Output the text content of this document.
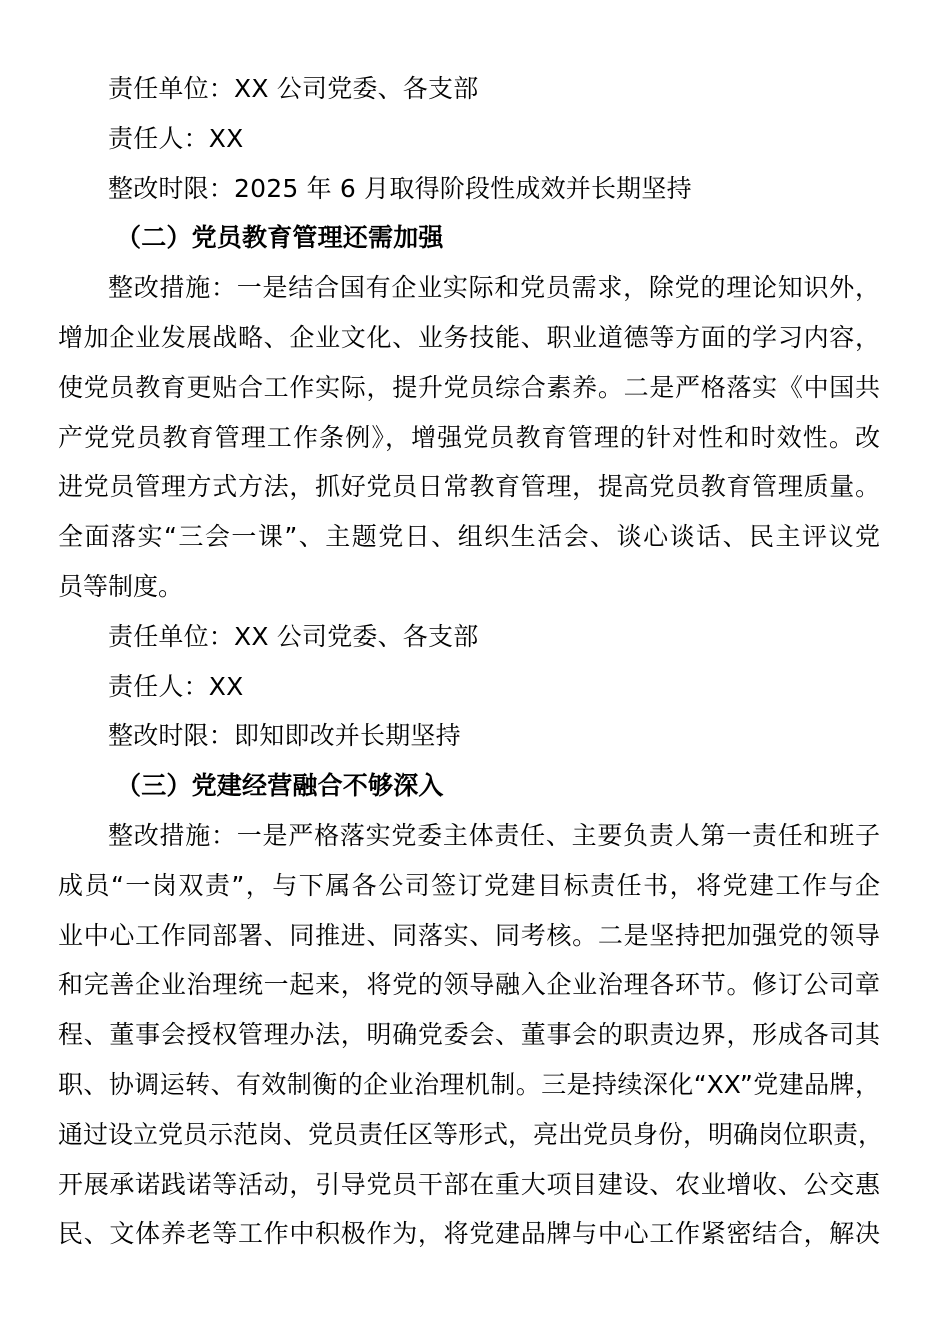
责任单位：XX 公司党委、各支部
责任人：XX
整改时限：2025 年 6 月取得阶段性成效并长期坚持
（二）党员教育管理还需加强
整改措施：一是结合国有企业实际和党员需求，除党的理论知识外，
增加企业发展战略、企业文化、业务技能、职业道德等方面的学习内容，
使党员教育更贴合工作实际，提升党员综合素养。二是严格落实《中国共
产党党员教育管理工作条例》，增强党员教育管理的针对性和时效性。改
进党员管理方式方法，抓好党员日常教育管理，提高党员教育管理质量。
全面落实“三会一课”、主题党日、组织生活会、谈心谈话、民主评议党
员等制度。
责任单位：XX 公司党委、各支部
责任人：XX
整改时限：即知即改并长期坚持
（三）党建经营融合不够深入
整改措施：一是严格落实党委主体责任、主要负责人第一责任和班子
成员“一岗双责”，与下属各公司签订党建目标责任书，将党建工作与企
业中心工作同部署、同推进、同落实、同考核。二是坚持把加强党的领导
和完善企业治理统一起来，将党的领导融入企业治理各环节。修订公司章
程、董事会授权管理办法，明确党委会、董事会的职责边界，形成各司其
职、协调运转、有效制衡的企业治理机制。三是持续深化“XX”党建品牌，
通过设立党员示范岗、党员责任区等形式，亮出党员身份，明确岗位职责，
开展承诺践诺等活动，引导党员干部在重大项目建设、农业增收、公交惠
民、文体养老等工作中积极作为，将党建品牌与中心工作紧密结合，解决
